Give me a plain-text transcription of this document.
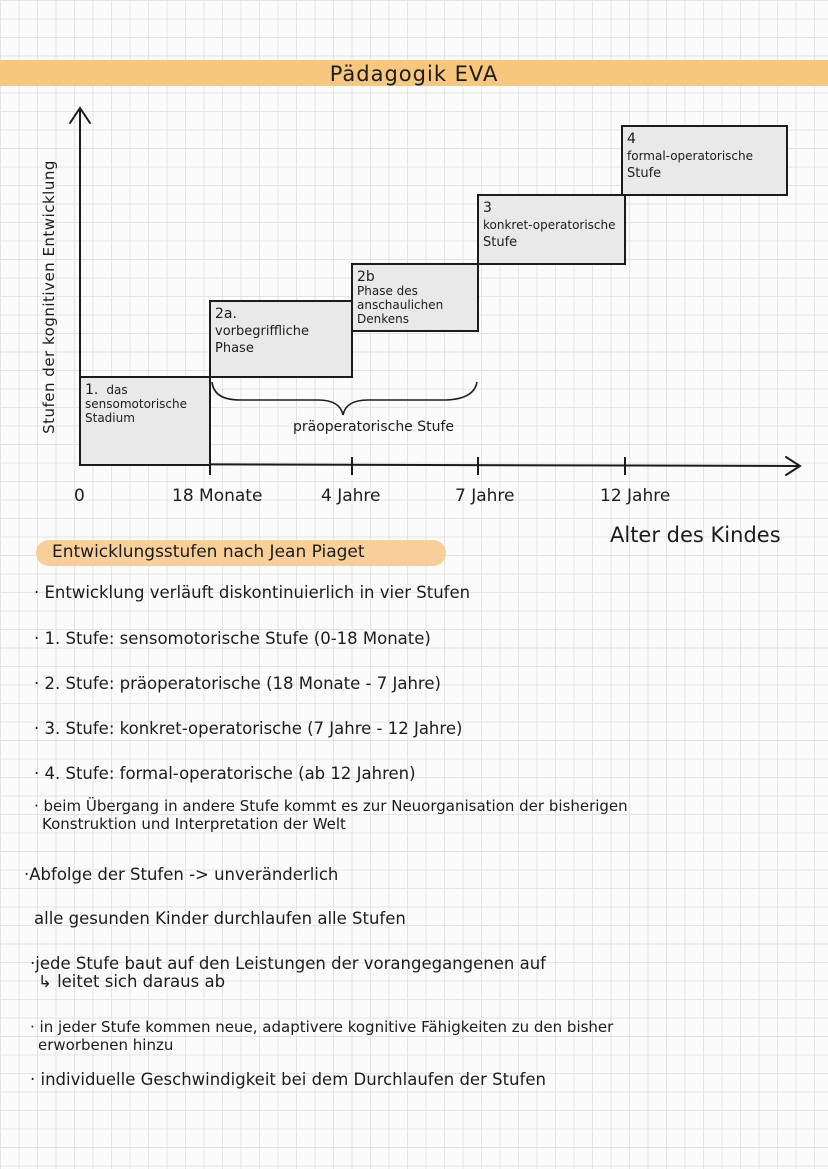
Pädagogik EVA
1. das sensomotorische Stadium
2a. vorbegriffliche Phase
2b Phase des anschaulichen Denkens
3 konkret-operatorische Stufe
4 formal-operatorische Stufe
präoperatorische Stufe
Stufen der kognitiven Entwicklung
0	18 Monate	4 Jahre	7 Jahre	12 Jahre
Alter des Kindes
Entwicklungsstufen nach Jean Piaget
· Entwicklung verläuft diskontinuierlich in vier Stufen
· 1. Stufe: sensomotorische Stufe (0-18 Monate)
· 2. Stufe: präoperatorische (18 Monate - 7 Jahre)
· 3. Stufe: konkret-operatorische (7 Jahre - 12 Jahre)
· 4. Stufe: formal-operatorische (ab 12 Jahren)
· beim Übergang in andere Stufe kommt es zur Neuorganisation der bisherigen
Konstruktion und Interpretation der Welt
·Abfolge der Stufen -> unveränderlich
alle gesunden Kinder durchlaufen alle Stufen
·jede Stufe baut auf den Leistungen der vorangegangenen auf
↳ leitet sich daraus ab
· in jeder Stufe kommen neue, adaptivere kognitive Fähigkeiten zu den bisher
erworbenen hinzu
· individuelle Geschwindigkeit bei dem Durchlaufen der Stufen
